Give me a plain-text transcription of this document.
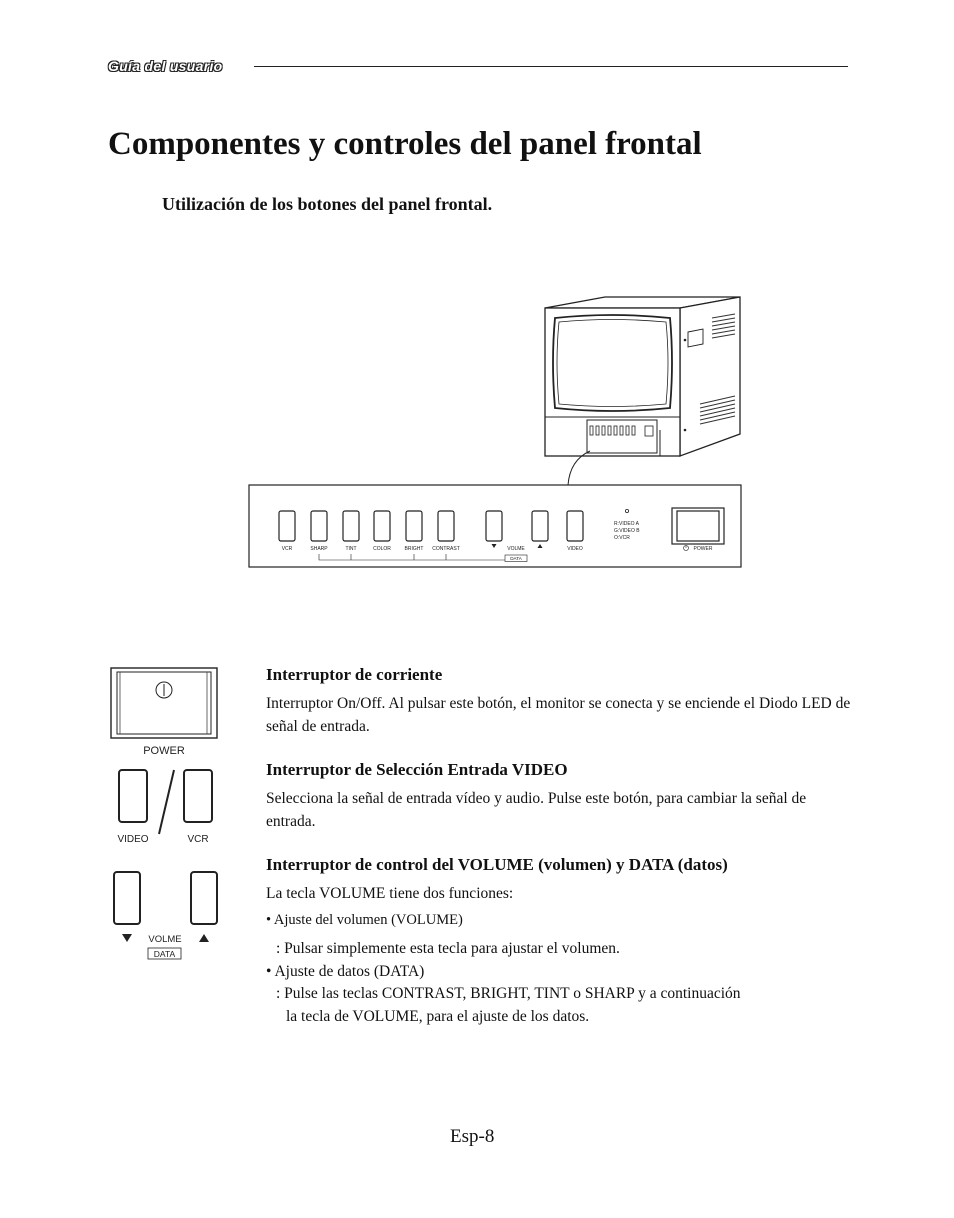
Guía del usuario
Componentes y controles del panel frontal
Utilización de los botones del panel frontal.
VCR	SHARP	TINT	COLOR	BRIGHT CONTRAST	VOLME	VIDEO
DATA
POWER
R:VIDEO A
G:VIDEO B
O:VCR
POWER
VIDEO	VCR
VOLME
DATA
Interruptor de corriente
Interruptor On/Off. Al pulsar este botón, el monitor se conecta y se enciende el Diodo LED de señal de entrada.
Interruptor de Selección Entrada VIDEO
Selecciona la señal de entrada vídeo y audio. Pulse este botón, para cambiar la señal de entrada.
Interruptor de control del VOLUME (volumen) y DATA (datos)
La tecla VOLUME tiene dos funciones:
• Ajuste del volumen (VOLUME)
: Pulsar simplemente esta tecla para ajustar el volumen.
• Ajuste de datos (DATA)
: Pulse las teclas CONTRAST, BRIGHT, TINT o SHARP y a continuación
la tecla de VOLUME, para el ajuste de los datos.
Esp-8
